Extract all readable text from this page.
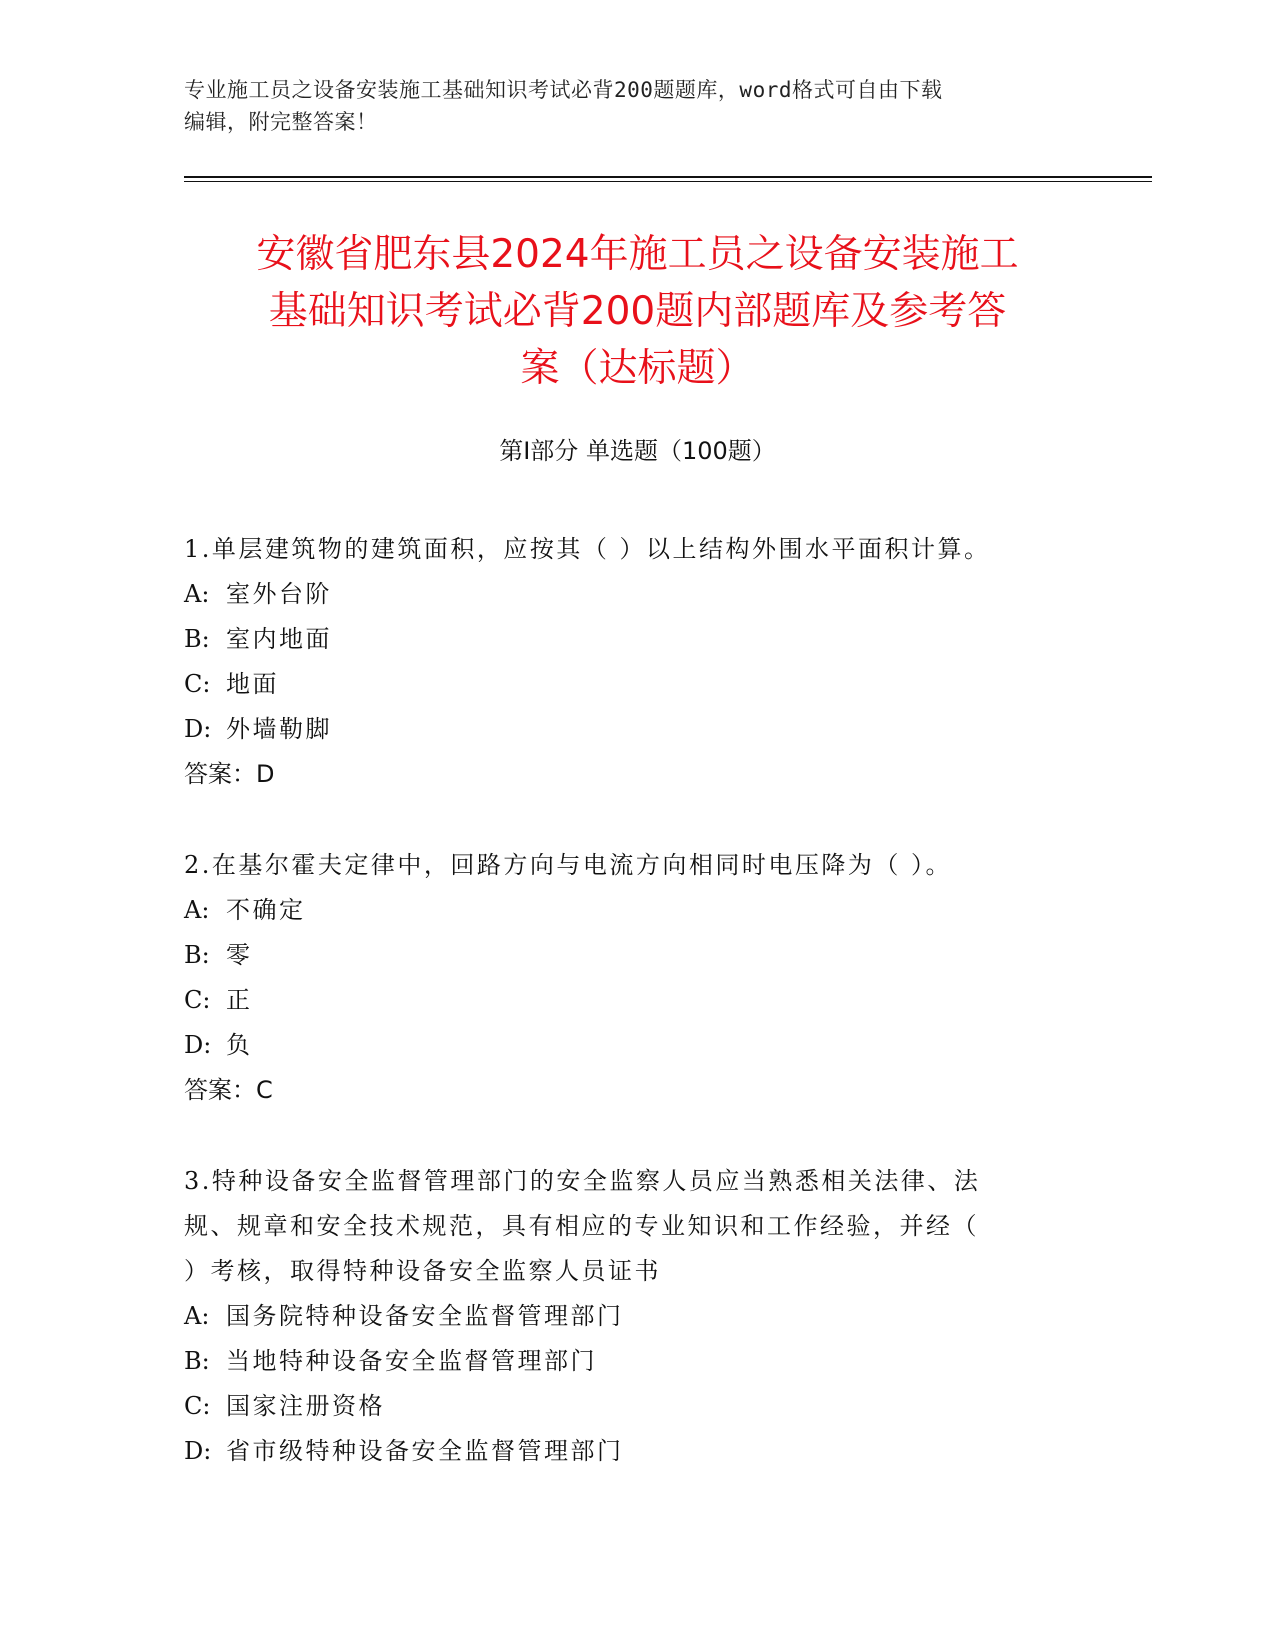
专业施工员之设备安装施工基础知识考试必背200题题库，word格式可自由下载
编辑，附完整答案！
安徽省肥东县2024年施工员之设备安装施工
基础知识考试必背200题内部题库及参考答
案（达标题）
第Ⅰ部分 单选题（100题）
1.单层建筑物的建筑面积，应按其（ ）以上结构外围水平面积计算。
A: 室外台阶
B: 室内地面
C: 地面
D: 外墙勒脚
答案：D
2.在基尔霍夫定律中，回路方向与电流方向相同时电压降为（ ）。
A: 不确定
B: 零
C: 正
D: 负
答案：C
3.特种设备安全监督管理部门的安全监察人员应当熟悉相关法律、法
规、规章和安全技术规范，具有相应的专业知识和工作经验，并经（
）考核，取得特种设备安全监察人员证书
A: 国务院特种设备安全监督管理部门
B: 当地特种设备安全监督管理部门
C: 国家注册资格
D: 省市级特种设备安全监督管理部门
